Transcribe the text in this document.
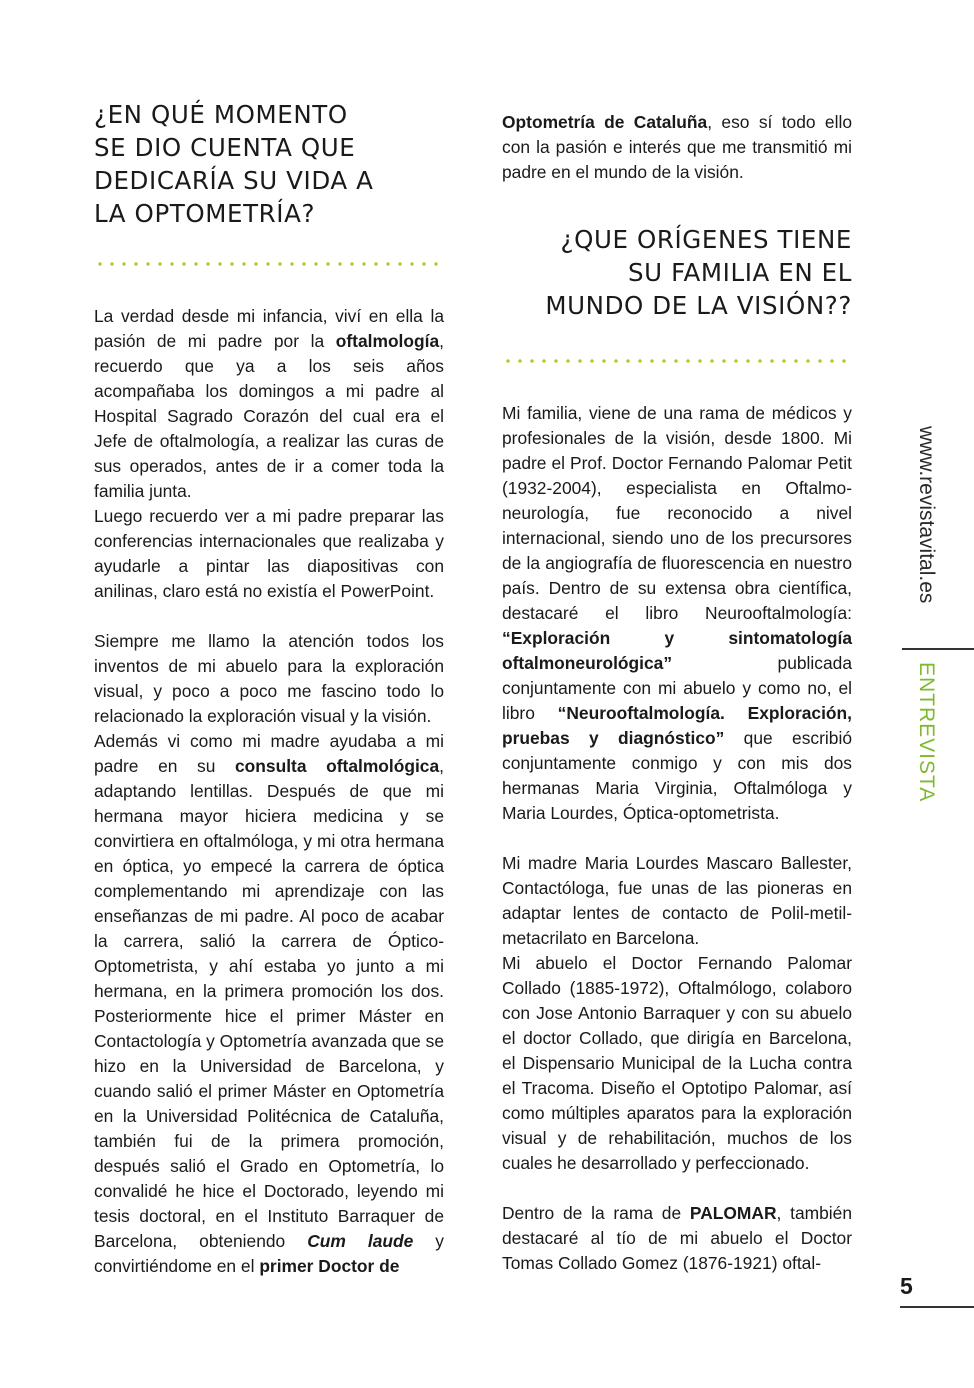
¿EN QUÉ MOMENTO
SE DIO CUENTA QUE
DEDICARÍA SU VIDA A
LA OPTOMETRÍA?

La verdad desde mi infancia, viví en ella la pasión de mi padre por la oftalmología, recuerdo que ya a los seis años acompañaba los domingos a mi padre al Hospital Sagrado Corazón del cual era el Jefe de oftalmología, a realizar las curas de sus operados, antes de ir a comer toda la familia junta.

Luego recuerdo ver a mi padre preparar las conferencias internacionales que realizaba y ayudarle a pintar las diapositivas con anilinas, claro está no existía el PowerPoint.

Siempre me llamo la atención todos los inventos de mi abuelo para la exploración visual, y poco a poco me fascino todo lo relacionado la exploración visual y la visión.

Además vi como mi madre ayudaba a mi padre en su consulta oftalmológica, adaptando lentillas. Después de que mi hermana mayor hiciera medicina y se convirtiera en oftalmóloga, y mi otra hermana en óptica, yo empecé la carrera de óptica complementando mi aprendizaje con las enseñanzas de mi padre. Al poco de acabar la carrera, salió la carrera de Óptico-Optometrista, y ahí estaba yo junto a mi hermana, en la primera promoción los dos. Posteriormente hice el primer Máster en Contactología y Optometría avanzada que se hizo en la Universidad de Barcelona, y cuando salió el primer Máster en Optometría en la Universidad Politécnica de Cataluña, también fui de la primera promoción, después salió el Grado en Optometría, lo convalidé he hice el Doctorado, leyendo mi tesis doctoral, en el Instituto Barraquer de Barcelona, obteniendo Cum laude y convirtiéndome en el primer Doctor de

Optometría de Cataluña, eso sí todo ello con la pasión e interés que me transmitió mi padre en el mundo de la visión.

¿QUE ORÍGENES TIENE
SU FAMILIA EN EL
MUNDO DE LA VISIÓN??

Mi familia, viene de una rama de médicos y profesionales de la visión, desde 1800. Mi padre el Prof. Doctor Fernando Palomar Petit (1932-2004), especialista en Oftalmo-neurología, fue reconocido a nivel internacional, siendo uno de los precursores de la angiografía de fluorescencia en nuestro país. Dentro de su extensa obra científica, destacaré el libro Neurooftalmología: “Exploración y sintomatología oftalmoneurológica” publicada conjuntamente con mi abuelo y como no, el libro “Neurooftalmología. Exploración, pruebas y diagnóstico” que escribió conjuntamente conmigo y con mis dos hermanas Maria Virginia, Oftalmóloga y Maria Lourdes, Óptica-optometrista.

Mi madre Maria Lourdes Mascaro Ballester, Contactóloga, fue unas de las pioneras en adaptar lentes de contacto de Polil-metil-metacrilato en Barcelona.

Mi abuelo el Doctor Fernando Palomar Collado (1885-1972), Oftalmólogo, colaboro con Jose Antonio Barraquer y con su abuelo el doctor Collado, que dirigía en Barcelona, el Dispensario Municipal de la Lucha contra el Tracoma. Diseño el Optotipo Palomar, así como múltiples aparatos para la exploración visual y de rehabilitación, muchos de los cuales he desarrollado y perfeccionado.

Dentro de la rama de PALOMAR, también destacaré al tío de mi abuelo el Doctor Tomas Collado Gomez (1876-1921) oftal-

www.revistavital.es
ENTREVISTA
5
